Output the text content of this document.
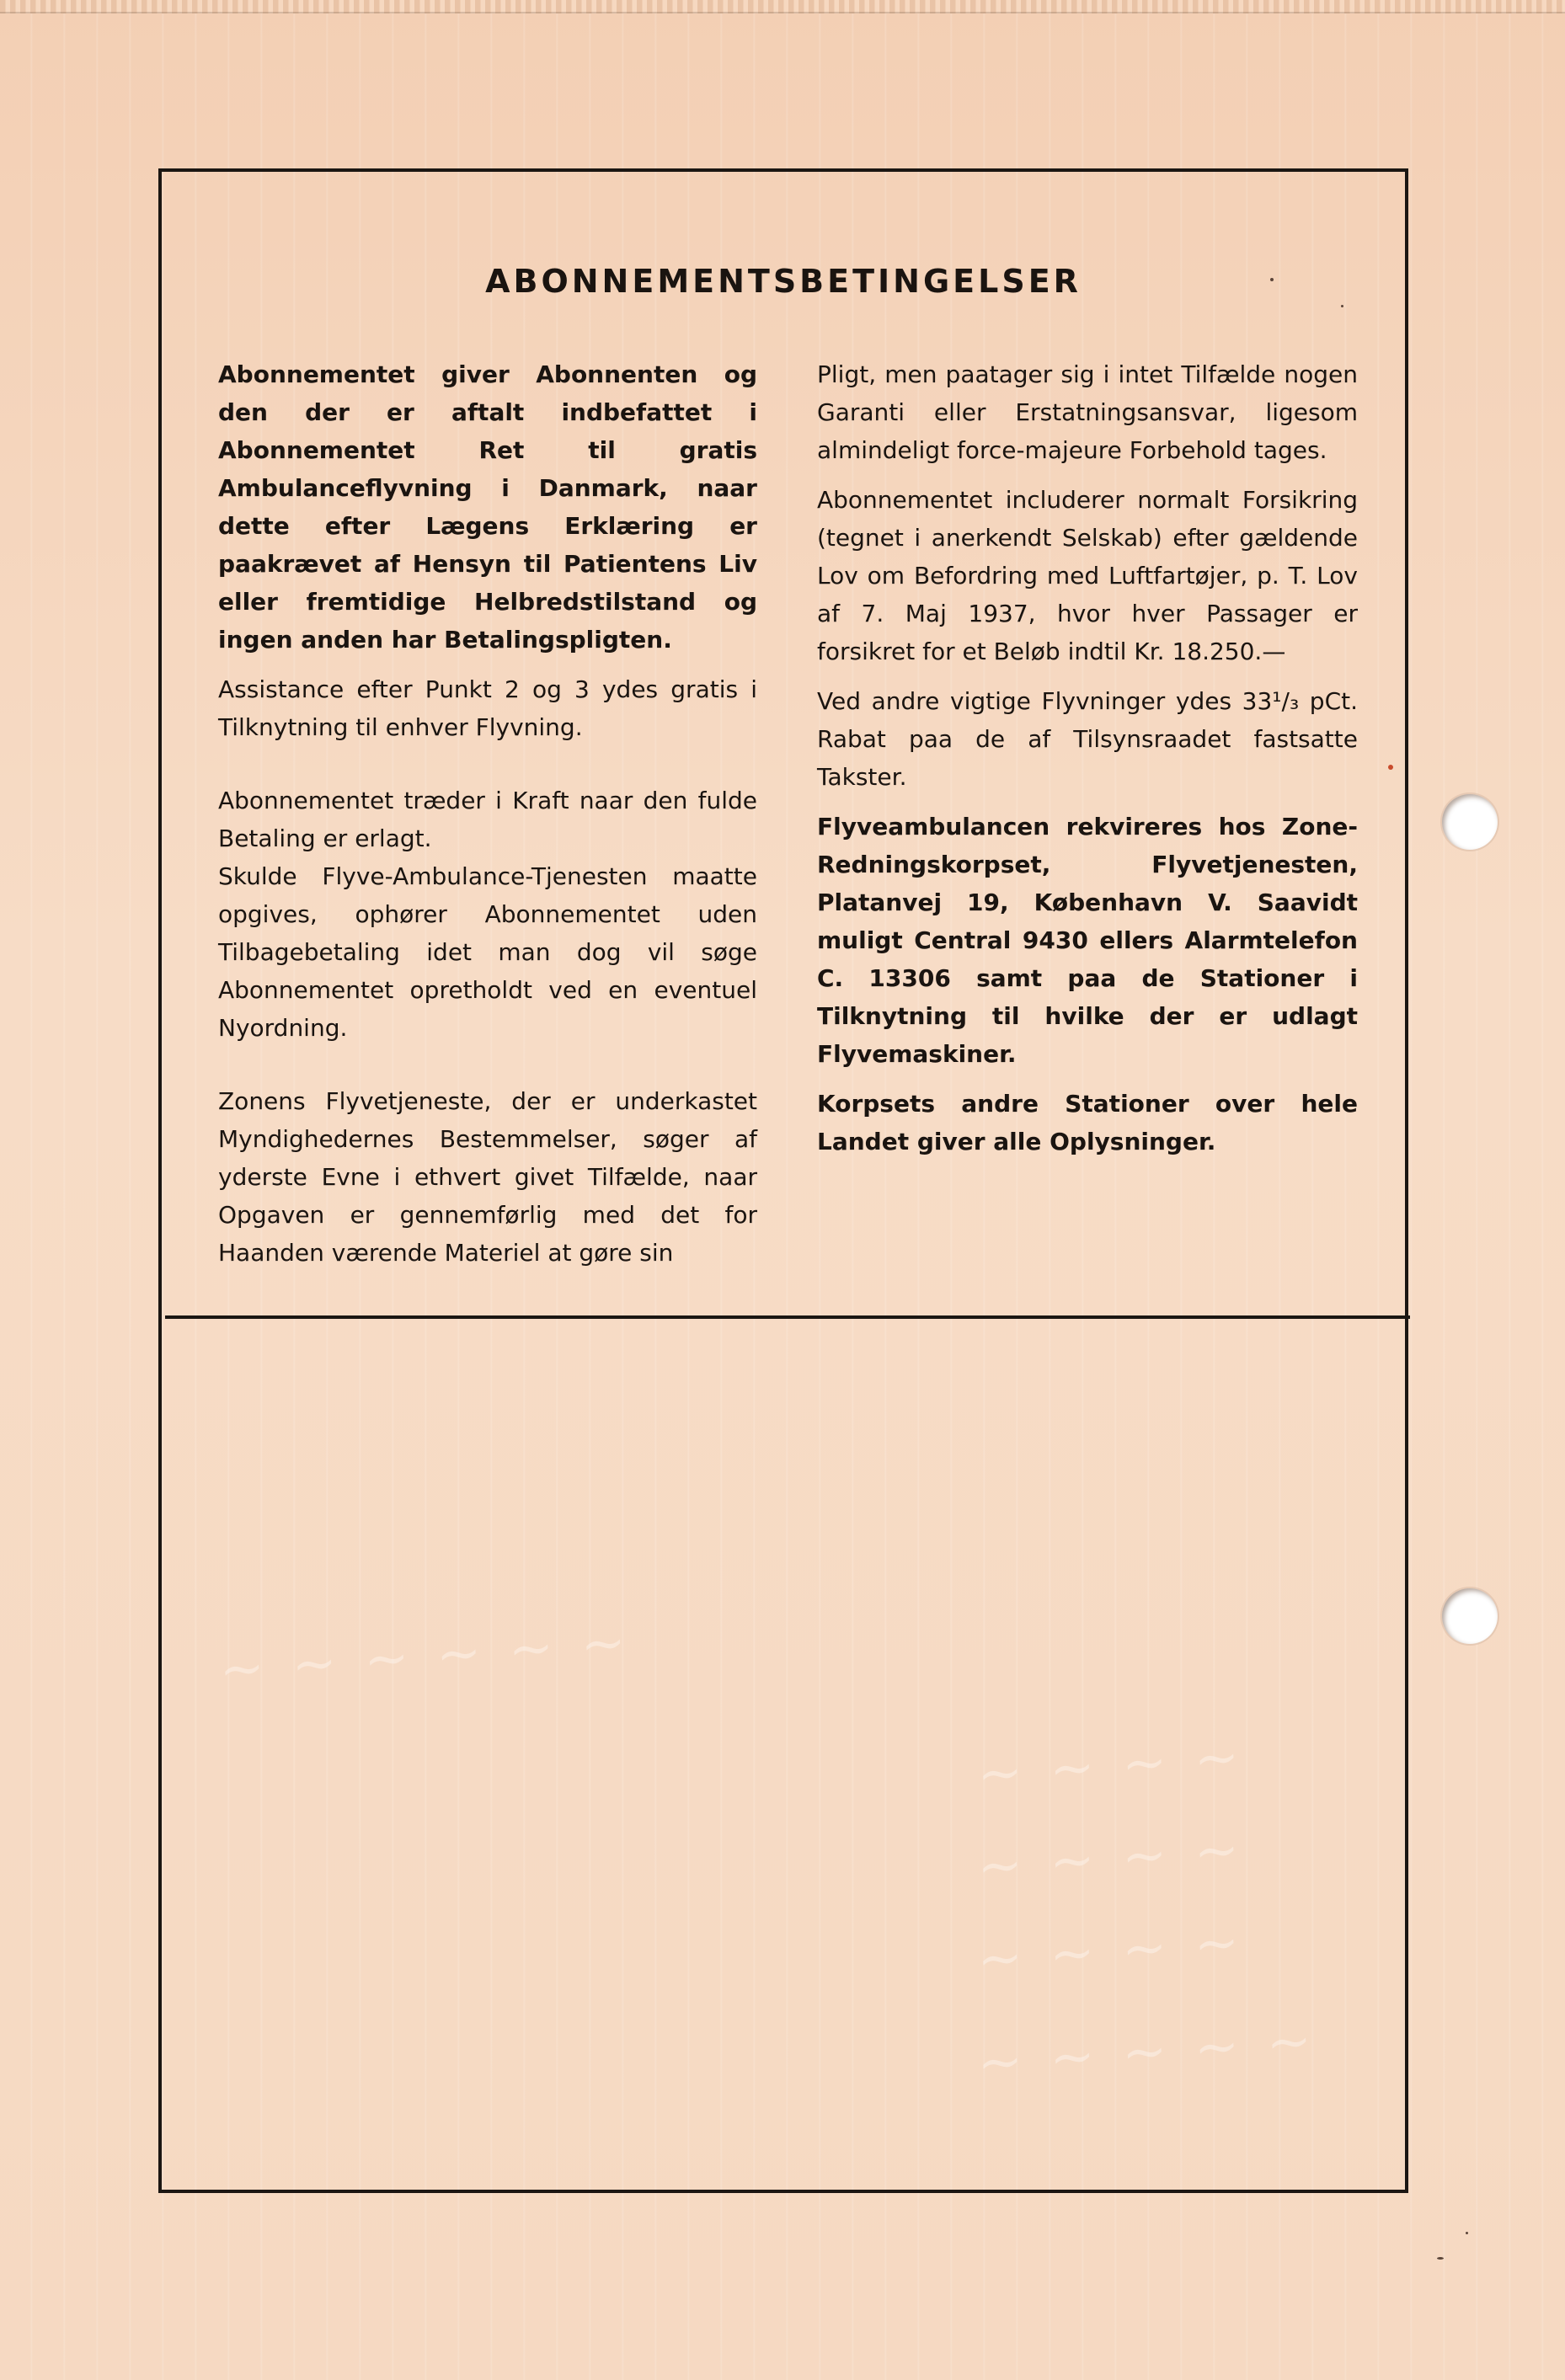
ABONNEMENTSBETINGELSER

Abonnementet giver Abonnenten og den der er aftalt indbefattet i Abonnementet Ret til gratis Ambulanceflyvning i Danmark, naar dette efter Lægens Erklæring er paakrævet af Hensyn til Patientens Liv eller fremtidige Helbredstilstand og ingen anden har Betalingspligten.

Assistance efter Punkt 2 og 3 ydes gratis i Tilknytning til enhver Flyvning.

Abonnementet træder i Kraft naar den fulde Betaling er erlagt.

Skulde Flyve-Ambulance-Tjenesten maatte opgives, ophører Abonnementet uden Tilbagebetaling idet man dog vil søge Abonnementet opretholdt ved en eventuel Nyordning.

Zonens Flyvetjeneste, der er underkastet Myndighedernes Bestemmelser, søger af yderste Evne i ethvert givet Tilfælde, naar Opgaven er gennemførlig med det for Haanden værende Materiel at gøre sin

Pligt, men paatager sig i intet Tilfælde nogen Garanti eller Erstatningsansvar, ligesom almindeligt force-majeure Forbehold tages.

Abonnementet includerer normalt Forsikring (tegnet i anerkendt Selskab) efter gældende Lov om Befordring med Luftfartøjer, p. T. Lov af 7. Maj 1937, hvor hver Passager er forsikret for et Beløb indtil Kr. 18.250.—

Ved andre vigtige Flyvninger ydes 33¹/₃ pCt. Rabat paa de af Tilsynsraadet fastsatte Takster.

Flyveambulancen rekvireres hos Zone-Redningskorpset, Flyvetjenesten, Platanvej 19, København V. Saavidt muligt Central 9430 ellers Alarmtelefon C. 13306 samt paa de Stationer i Tilknytning til hvilke der er udlagt Flyvemaskiner.

Korpsets andre Stationer over hele Landet giver alle Oplysninger.

~ ~ ~ ~ ~ ~
~ ~ ~ ~
~ ~ ~ ~
~ ~ ~ ~
~ ~ ~ ~ ~
